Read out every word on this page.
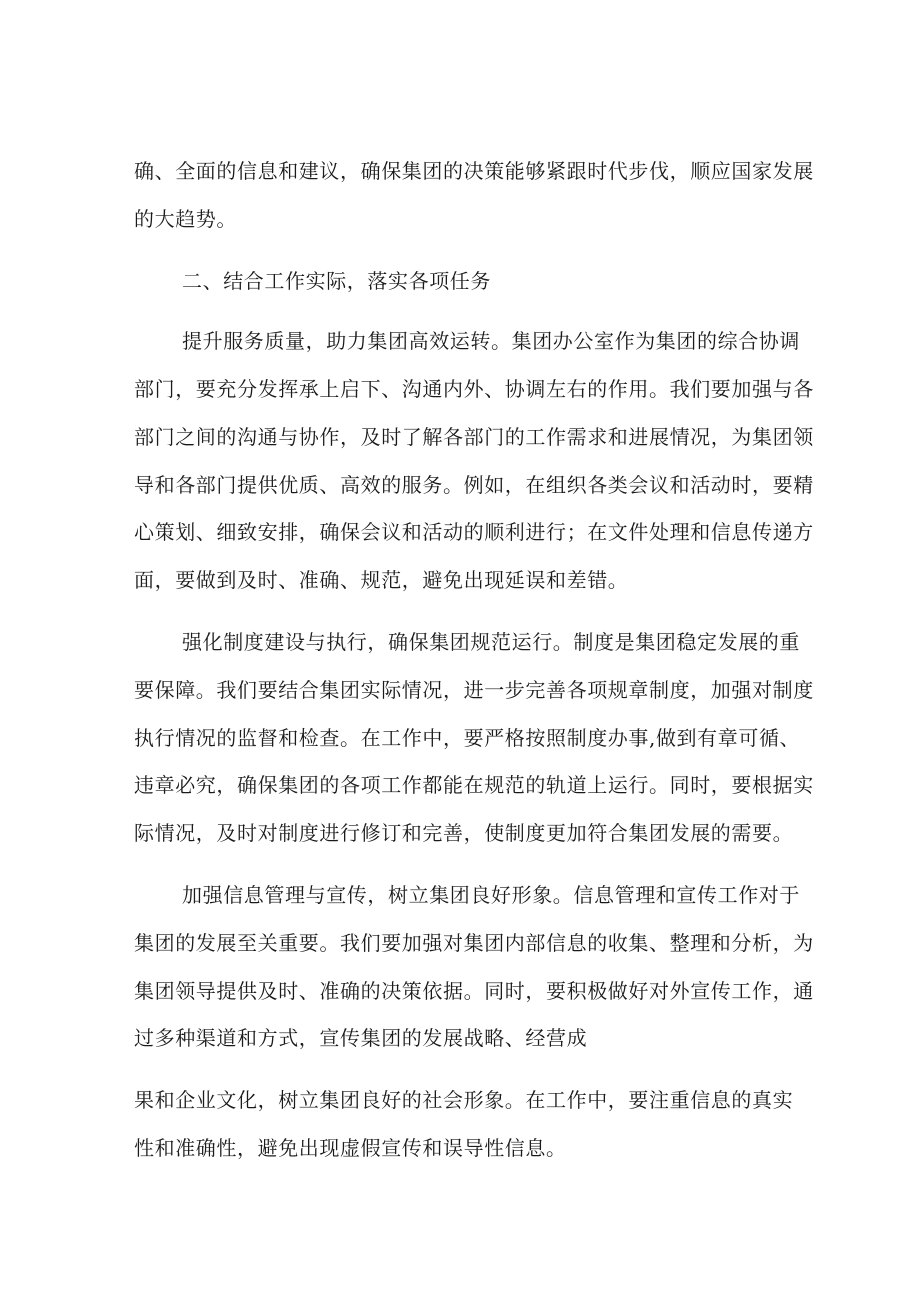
确、全面的信息和建议，确保集团的决策能够紧跟时代步伐，顺应国家发展
的大趋势。
二、结合工作实际，落实各项任务
提升服务质量，助力集团高效运转。集团办公室作为集团的综合协调
部门，要充分发挥承上启下、沟通内外、协调左右的作用。我们要加强与各
部门之间的沟通与协作，及时了解各部门的工作需求和进展情况，为集团领
导和各部门提供优质、高效的服务。例如，在组织各类会议和活动时，要精
心策划、细致安排，确保会议和活动的顺利进行；在文件处理和信息传递方
面，要做到及时、准确、规范，避免出现延误和差错。
强化制度建设与执行，确保集团规范运行。制度是集团稳定发展的重
要保障。我们要结合集团实际情况，进一步完善各项规章制度，加强对制度
执行情况的监督和检查。在工作中，要严格按照制度办事,做到有章可循、
违章必究，确保集团的各项工作都能在规范的轨道上运行。同时，要根据实
际情况，及时对制度进行修订和完善，使制度更加符合集团发展的需要。
加强信息管理与宣传，树立集团良好形象。信息管理和宣传工作对于
集团的发展至关重要。我们要加强对集团内部信息的收集、整理和分析，为
集团领导提供及时、准确的决策依据。同时，要积极做好对外宣传工作，通
过多种渠道和方式，宣传集团的发展战略、经营成
果和企业文化，树立集团良好的社会形象。在工作中，要注重信息的真实
性和准确性，避免出现虚假宣传和误导性信息。
